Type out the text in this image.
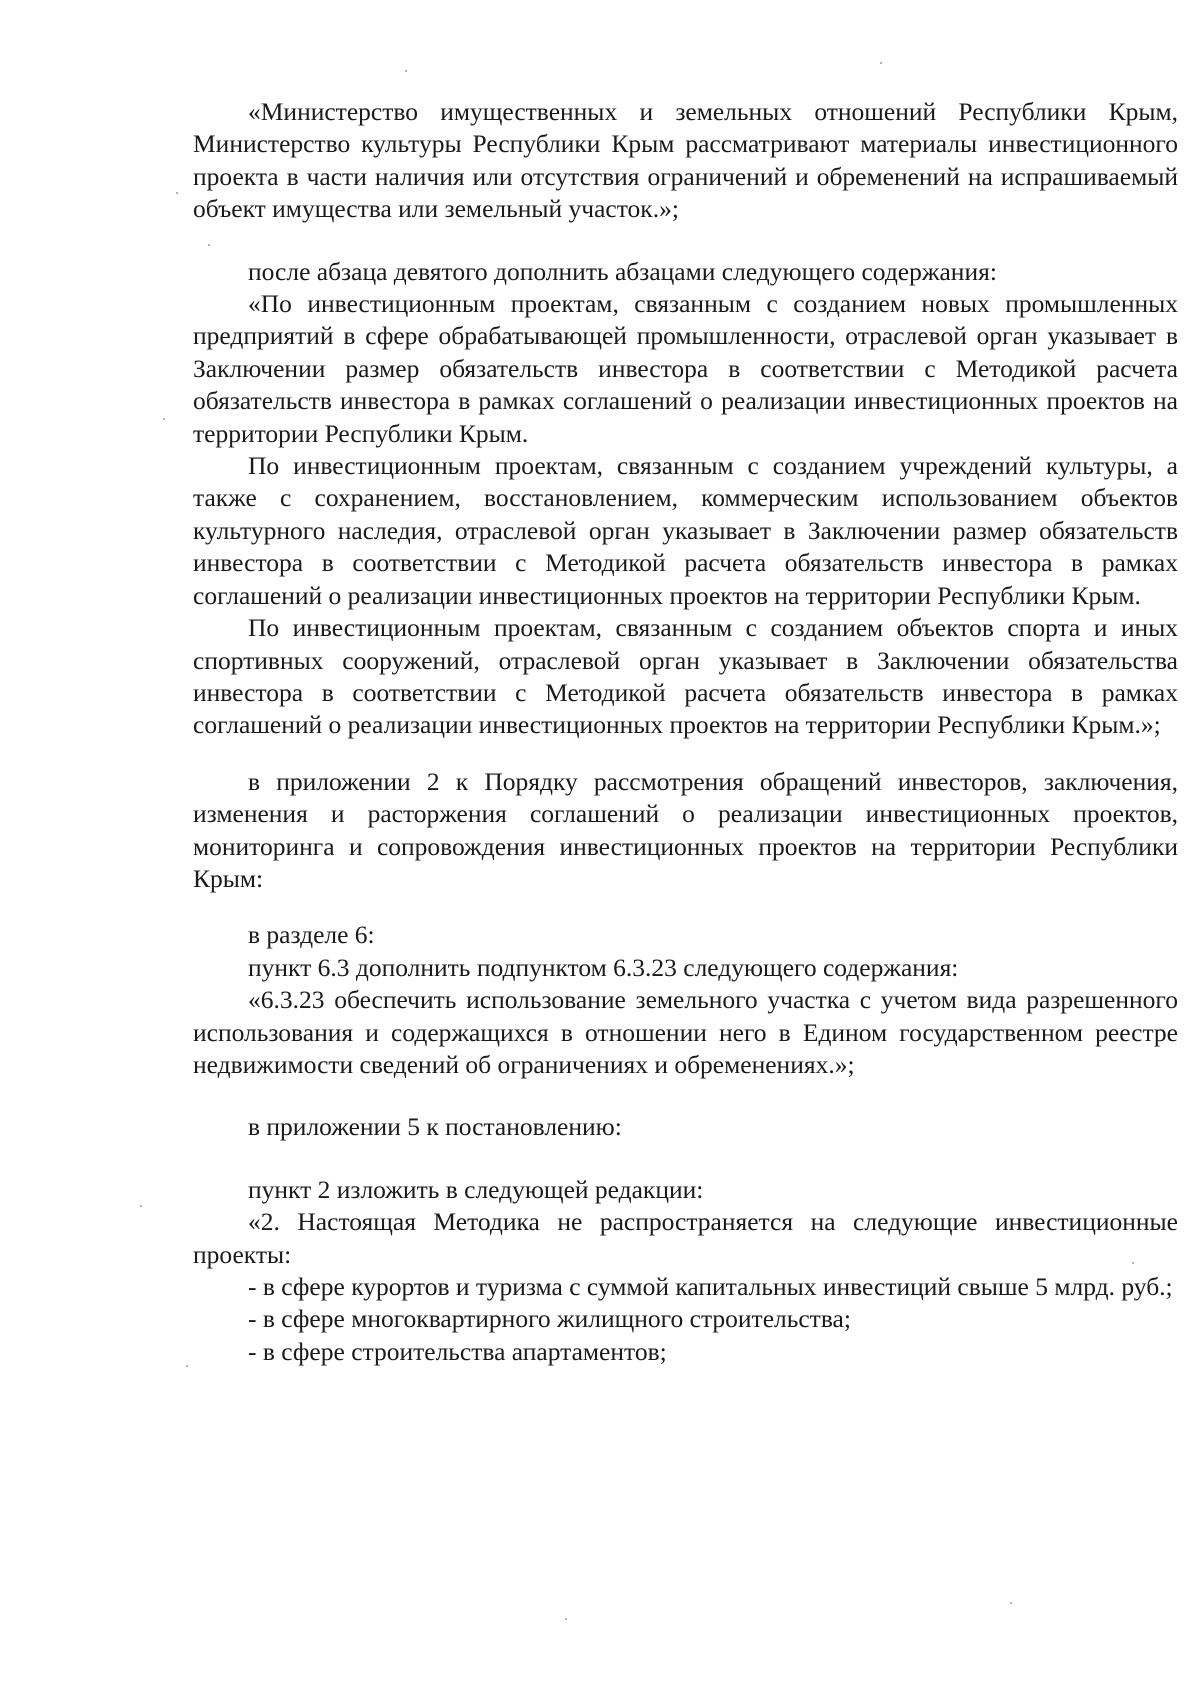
«Министерство имущественных и земельных отношений Республики Крым, Министерство культуры Республики Крым рассматривают материалы инвестиционного проекта в части наличия или отсутствия ограничений и обременений на испрашиваемый объект имущества или земельный участок.»;

после абзаца девятого дополнить абзацами следующего содержания:

«По инвестиционным проектам, связанным с созданием новых промышленных предприятий в сфере обрабатывающей промышленности, отраслевой орган указывает в Заключении размер обязательств инвестора в соответствии с Методикой расчета обязательств инвестора в рамках соглашений о реализации инвестиционных проектов на территории Республики Крым.

По инвестиционным проектам, связанным с созданием учреждений культуры, а также с сохранением, восстановлением, коммерческим использованием объектов культурного наследия, отраслевой орган указывает в Заключении размер обязательств инвестора в соответствии с Методикой расчета обязательств инвестора в рамках соглашений о реализации инвестиционных проектов на территории Республики Крым.

По инвестиционным проектам, связанным с созданием объектов спорта и иных спортивных сооружений, отраслевой орган указывает в Заключении обязательства инвестора в соответствии с Методикой расчета обязательств инвестора в рамках соглашений о реализации инвестиционных проектов на территории Республики Крым.»;

в приложении 2 к Порядку рассмотрения обращений инвесторов, заключения, изменения и расторжения соглашений о реализации инвестиционных проектов, мониторинга и сопровождения инвестиционных проектов на территории Республики Крым:

в разделе 6:

пункт 6.3 дополнить подпунктом 6.3.23 следующего содержания:

«6.3.23 обеспечить использование земельного участка с учетом вида разрешенного использования и содержащихся в отношении него в Едином государственном реестре недвижимости сведений об ограничениях и обременениях.»;

в приложении 5 к постановлению:

пункт 2 изложить в следующей редакции:

«2. Настоящая Методика не распространяется на следующие инвестиционные проекты:

- в сфере курортов и туризма с суммой капитальных инвестиций свыше 5 млрд. руб.;

- в сфере многоквартирного жилищного строительства;

- в сфере строительства апартаментов;
